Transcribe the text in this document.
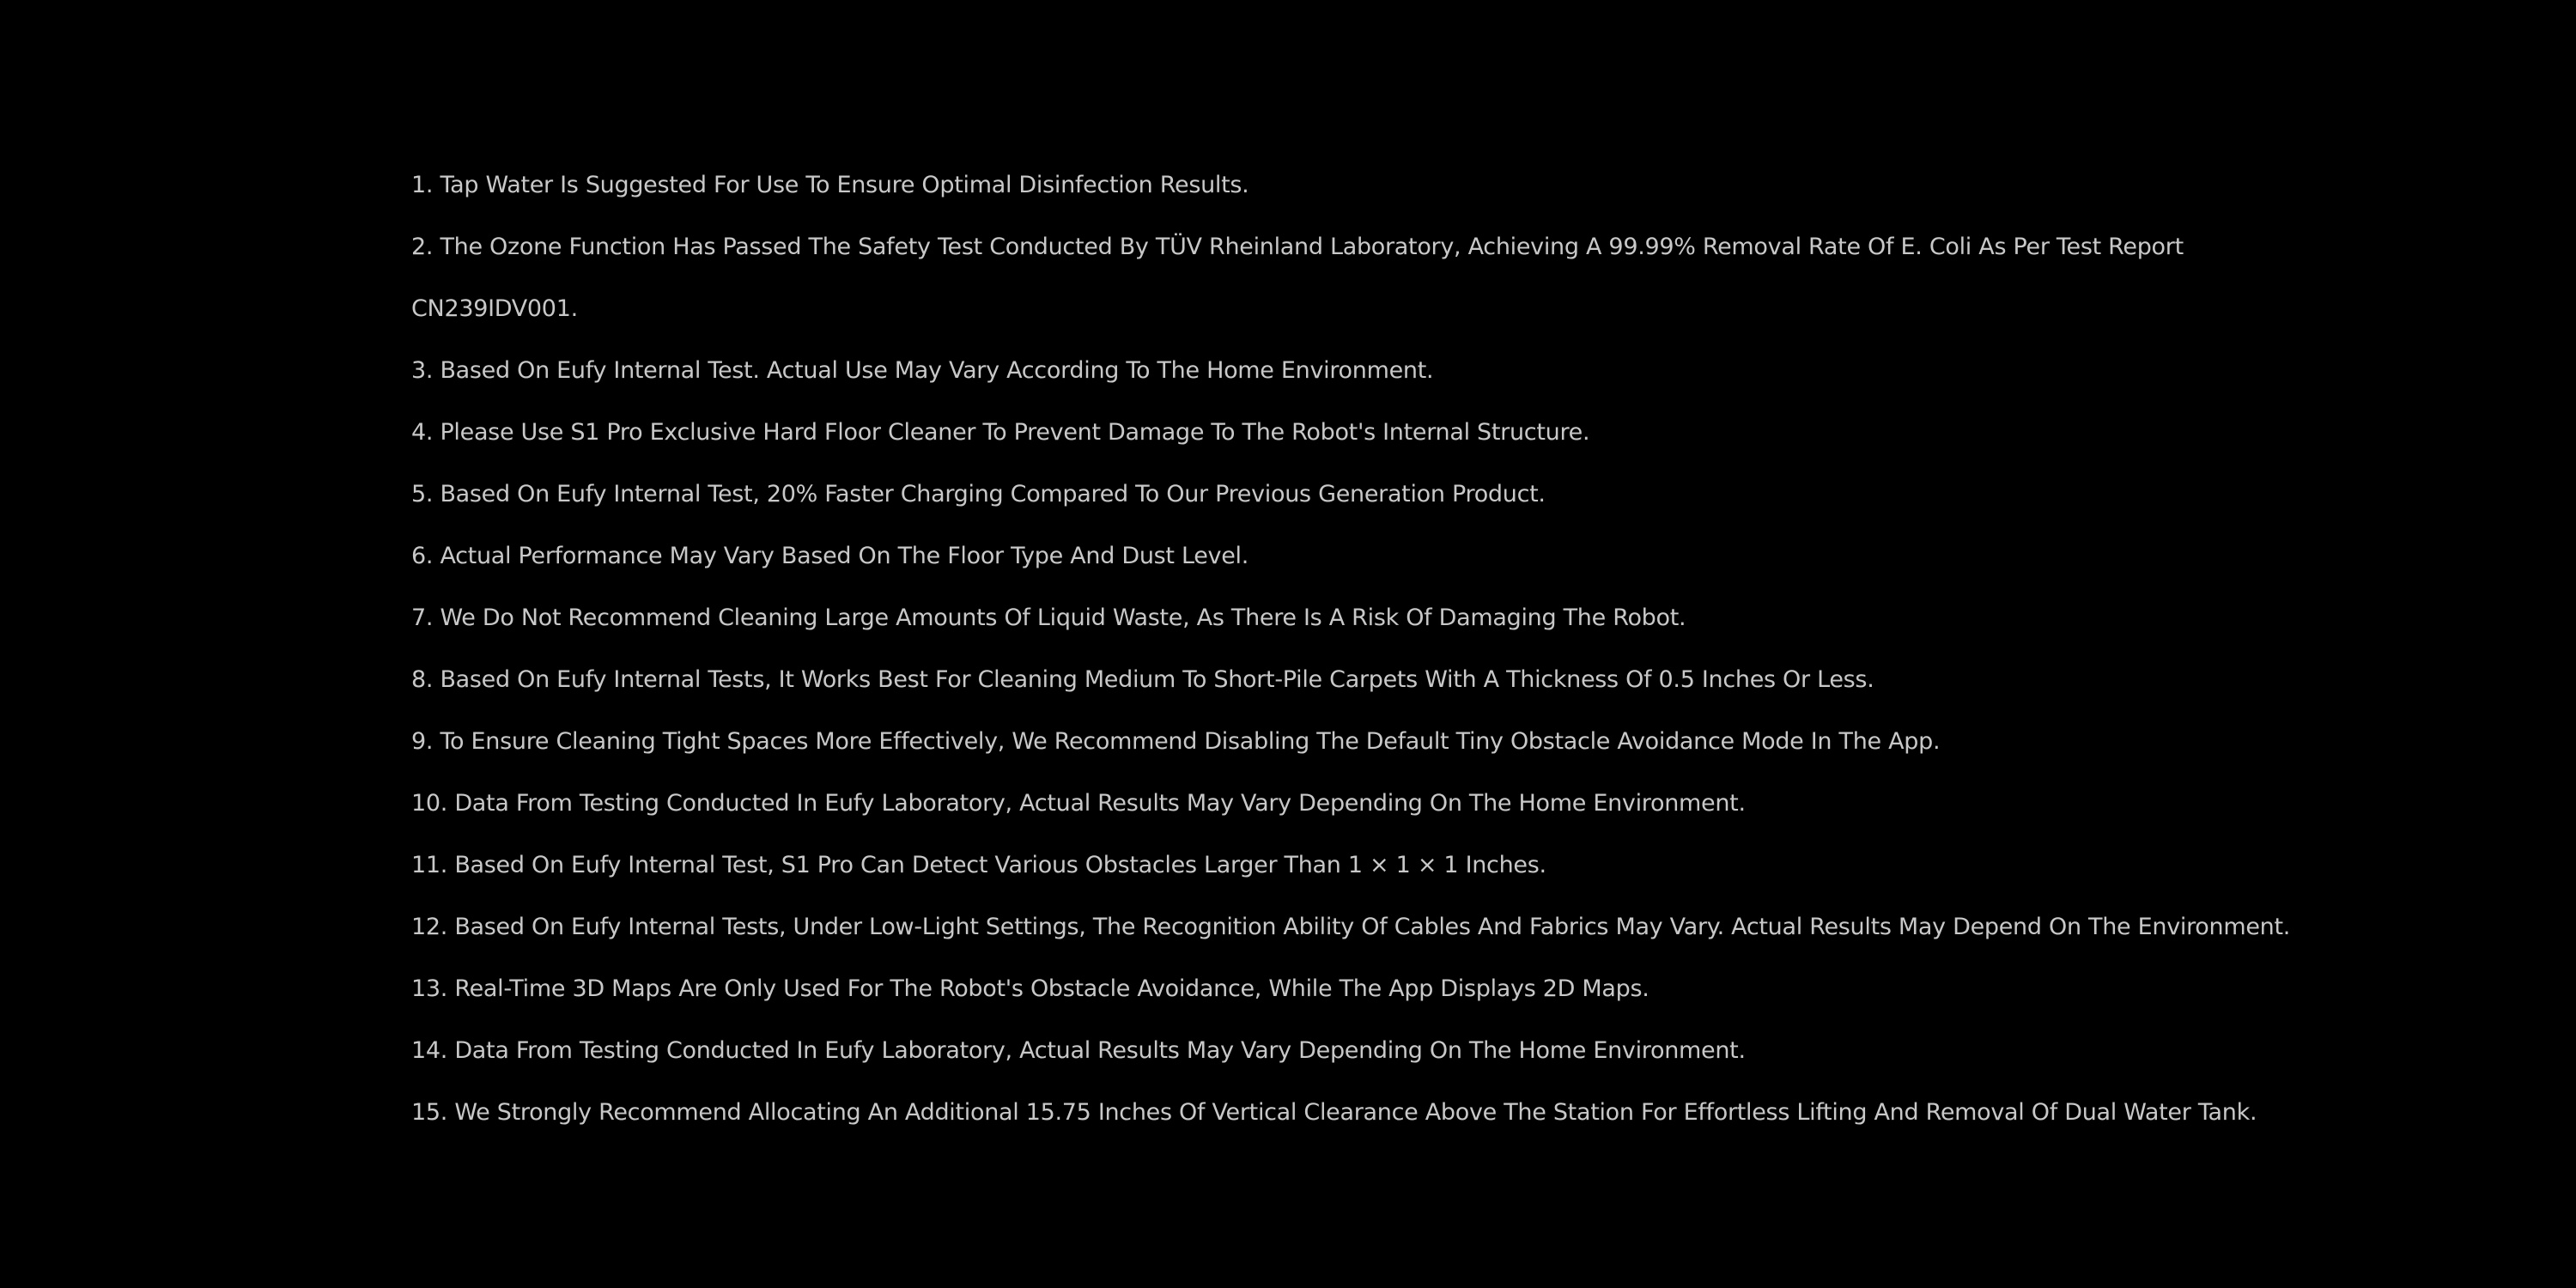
1. Tap Water Is Suggested For Use To Ensure Optimal Disinfection Results.
2. The Ozone Function Has Passed The Safety Test Conducted By TÜV Rheinland Laboratory, Achieving A 99.99% Removal Rate Of E. Coli As Per Test Report
CN239IDV001.
3. Based On Eufy Internal Test. Actual Use May Vary According To The Home Environment.
4. Please Use S1 Pro Exclusive Hard Floor Cleaner To Prevent Damage To The Robot's Internal Structure.
5. Based On Eufy Internal Test, 20% Faster Charging Compared To Our Previous Generation Product.
6. Actual Performance May Vary Based On The Floor Type And Dust Level.
7. We Do Not Recommend Cleaning Large Amounts Of Liquid Waste, As There Is A Risk Of Damaging The Robot.
8. Based On Eufy Internal Tests, It Works Best For Cleaning Medium To Short-Pile Carpets With A Thickness Of 0.5 Inches Or Less.
9. To Ensure Cleaning Tight Spaces More Effectively, We Recommend Disabling The Default Tiny Obstacle Avoidance Mode In The App.
10. Data From Testing Conducted In Eufy Laboratory, Actual Results May Vary Depending On The Home Environment.
11. Based On Eufy Internal Test, S1 Pro Can Detect Various Obstacles Larger Than 1 × 1 × 1 Inches.
12. Based On Eufy Internal Tests, Under Low-Light Settings, The Recognition Ability Of Cables And Fabrics May Vary. Actual Results May Depend On The Environment.
13. Real-Time 3D Maps Are Only Used For The Robot's Obstacle Avoidance, While The App Displays 2D Maps.
14. Data From Testing Conducted In Eufy Laboratory, Actual Results May Vary Depending On The Home Environment.
15. We Strongly Recommend Allocating An Additional 15.75 Inches Of Vertical Clearance Above The Station For Effortless Lifting And Removal Of Dual Water Tank.
